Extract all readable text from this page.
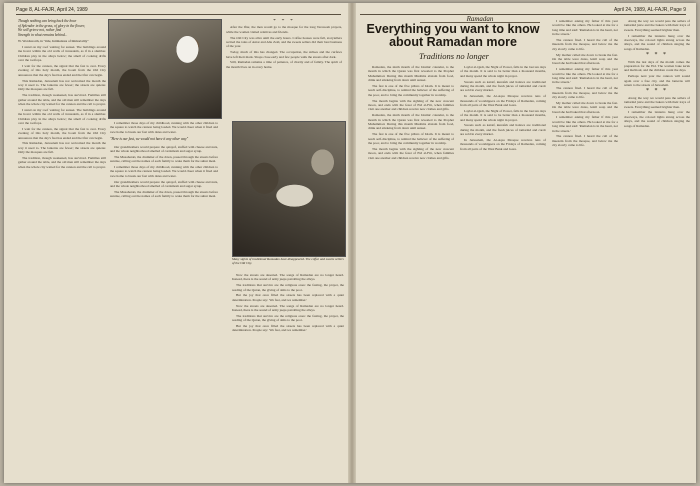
Page 8, AL-FAJR, April 24, 1989	April 24, 1989, AL-FAJR, Page 9
Though nothing can bring back the hour
of Splendor in the grass, of glory in the flower,
We will grieve not, rather find
Strength in what remains behind...
W. Wordsworth, in "Ode, Intimations of Immortality"

I stand on my roof waiting for sunset. The buildings around me hover within the old walls of Jerusalem, as if in a slumber. Children play in the alleys below; the smell of cooking drifts over the rooftops.

I wait for the cannon, the signal that the fast is over. Every evening of this holy month, the boom from the Old City announces that the day's fast has ended and the iftar can begin.

This Ramadan, Jerusalem has not welcomed the month the way it used to. The lanterns are fewer; the streets are quieter. Only the mosques are full.

The tradition, though weakened, has survived. Families still gather around the table, and the old men still remember the days when the whole city waited for the cannon and the call to prayer.

I stand on my roof waiting for sunset. The buildings around me hover within the old walls of Jerusalem, as if in a slumber. Children play in the alleys below; the smell of cooking drifts over the rooftops.

I wait for the cannon, the signal that the fast is over. Every evening of this holy month, the boom from the Old City announces that the day's fast has ended and the iftar can begin.

This Ramadan, Jerusalem has not welcomed the month the way it used to. The lanterns are fewer; the streets are quieter. Only the mosques are full.

The tradition, though weakened, has survived. Families still gather around the table, and the old men still remember the days when the whole city waited for the cannon and the call to prayer.

I remember those days of my childhood, running with the other children to the square to watch the cannon being loaded. We would cheer when it fired and race home to break our fast with dates and water.

"Here is our fast, we would not have it any other way"

Our grandmothers would prepare the qatayef, stuffed with cheese and nuts, and the whole neighborhood smelled of cardamom and sugar syrup.

The Musaharati, the drummer of the dawn, passed through the streets before sunrise, calling out the names of each family to wake them for the suhur meal.

I remember those days of my childhood, running with the other children to the square to watch the cannon being loaded. We would cheer when it fired and race home to break our fast with dates and water.

Our grandmothers would prepare the qatayef, stuffed with cheese and nuts, and the whole neighborhood smelled of cardamom and sugar syrup.

The Musaharati, the drummer of the dawn, passed through the streets before sunrise, calling out the names of each family to wake them for the suhur meal.

* * *

After the Iftar, the men would go to the mosque for the long Taraweeh prayers, while the women visited relatives and friends.

The Old City was alive until the early hours. Coffee houses were full, storytellers recited the tales of Antar and Abu Zeid, and the sweets sellers did their best business of the year.

Today, much of this has changed. The occupation, the strikes and the curfews have left their mark. Shops close early and few people walk the streets after dark.

Still, Ramadan remains a time of patience, of charity and of family. The spirit of the month lives on in every home.

Many sights of traditional Ramadan have disappeared. The coffee and sweets sellers of the Old City.

Now the streets are deserted. The songs of Ramadan are no longer heard. Instead, there is the sound of army jeeps patrolling the alleys.

The traditions that survive are the religious ones: the fasting, the prayer, the reading of the Quran, the giving of alms to the poor.

But the joy that once filled the streets has been replaced with a quiet determination. People say: 'We fast, and we remember.'

Now the streets are deserted. The songs of Ramadan are no longer heard. Instead, there is the sound of army jeeps patrolling the alleys.

The traditions that survive are the religious ones: the fasting, the prayer, the reading of the Quran, the giving of alms to the poor.

But the joy that once filled the streets has been replaced with a quiet determination. People say: 'We fast, and we remember.'

Ramadan
Everything you want to know about Ramadan more
Traditions no longer

Ramadan, the ninth month of the Islamic calendar, is the month in which the Quran was first revealed to the Prophet Muhammad. During this month Muslims abstain from food, drink and smoking from dawn until sunset.

The fast is one of the five pillars of Islam. It is meant to teach self-discipline, to remind the believer of the suffering of the poor, and to bring the community together in worship.

The month begins with the sighting of the new crescent moon, and ends with the feast of Eid al-Fitr, when families visit one another and children receive new clothes and gifts.

Ramadan, the ninth month of the Islamic calendar, is the month in which the Quran was first revealed to the Prophet Muhammad. During this month Muslims abstain from food, drink and smoking from dawn until sunset.

The fast is one of the five pillars of Islam. It is meant to teach self-discipline, to remind the believer of the suffering of the poor, and to bring the community together in worship.

The month begins with the sighting of the new crescent moon, and ends with the feast of Eid al-Fitr, when families visit one another and children receive new clothes and gifts.

Laylat al-Qadr, the Night of Power, falls in the last ten days of the month. It is said to be better than a thousand months, and many spend the whole night in prayer.

Sweets such as kataif, kunafeh and halawa are traditional during the month, and the fresh juices of tamarind and carob are sold in every market.

In Jerusalem, the Al-Aqsa Mosque receives tens of thousands of worshippers on the Fridays of Ramadan, coming from all parts of the West Bank and Gaza.

Laylat al-Qadr, the Night of Power, falls in the last ten days of the month. It is said to be better than a thousand months, and many spend the whole night in prayer.

Sweets such as kataif, kunafeh and halawa are traditional during the month, and the fresh juices of tamarind and carob are sold in every market.

In Jerusalem, the Al-Aqsa Mosque receives tens of thousands of worshippers on the Fridays of Ramadan, coming from all parts of the West Bank and Gaza.

I remember asking my father if this year would be like the others. He looked at me for a long time and said: 'Ramadan is in the heart, not in the streets.'

The cannon fired. I heard the call of the muezzin from the mosque, and below me the city slowly came to life.

My mother called me down to break the fast. On the table were dates, lentil soup and the bread she had baked that afternoon.

I remember asking my father if this year would be like the others. He looked at me for a long time and said: 'Ramadan is in the heart, not in the streets.'

The cannon fired. I heard the call of the muezzin from the mosque, and below me the city slowly came to life.

My mother called me down to break the fast. On the table were dates, lentil soup and the bread she had baked that afternoon.

I remember asking my father if this year would be like the others. He looked at me for a long time and said: 'Ramadan is in the heart, not in the streets.'

The cannon fired. I heard the call of the muezzin from the mosque, and below me the city slowly came to life.

Along the way we would pass the sellers of tamarind juice and the bakers with their trays of sweets. Everything seemed brighter then.

I remember the lanterns hung over the doorways, the colored lights strung across the alleys, and the sound of children singing the songs of Ramadan.

* * *

With the last days of the month comes the preparation for the Eid. The women bake ka'ak and ma'moul, and the children count the days.

Perhaps next year the cannon will sound again over a free city, and the lanterns will return to the streets of Jerusalem.

* * *

Along the way we would pass the sellers of tamarind juice and the bakers with their trays of sweets. Everything seemed brighter then.

I remember the lanterns hung over the doorways, the colored lights strung across the alleys, and the sound of children singing the songs of Ramadan.
